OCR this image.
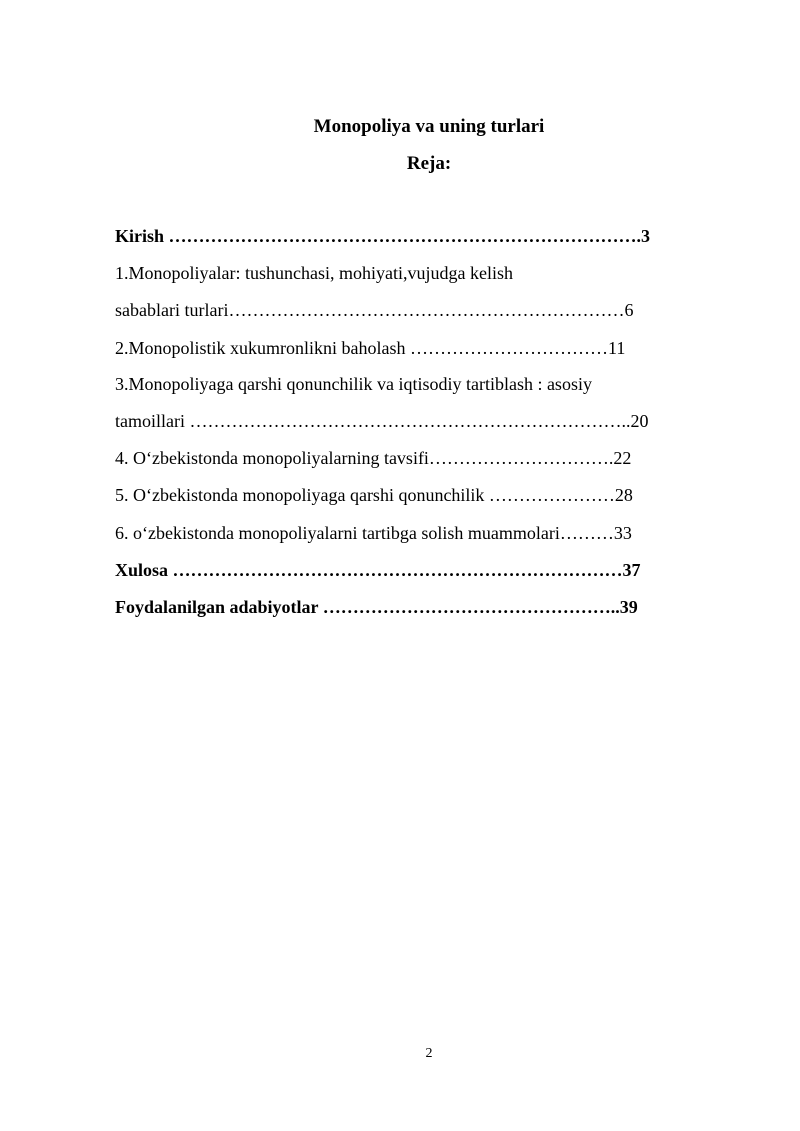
Monopoliya va uning turlari
Reja:
Kirish …………………………………………………………………….3
1.Monopoliyalar: tushunchasi, mohiyati,vujudga kelish
sabablari turlari…………………………………………………………6
2.Monopolistik xukumronlikni baholash ……………………………11
3.Monopoliyaga qarshi qonunchilik va iqtisodiy tartiblash : asosiy
tamoillari ………………………………………………………………..20
4. O‘zbekistonda monopoliyalarning tavsifi………………………….22
5. O‘zbekistonda monopoliyaga qarshi qonunchilik …………………28
6. o‘zbekistonda monopoliyalarni tartibga solish muammolari………33
Xulosa …………………………………………………………………37
Foydalanilgan adabiyotlar …………………………………………..39
2
